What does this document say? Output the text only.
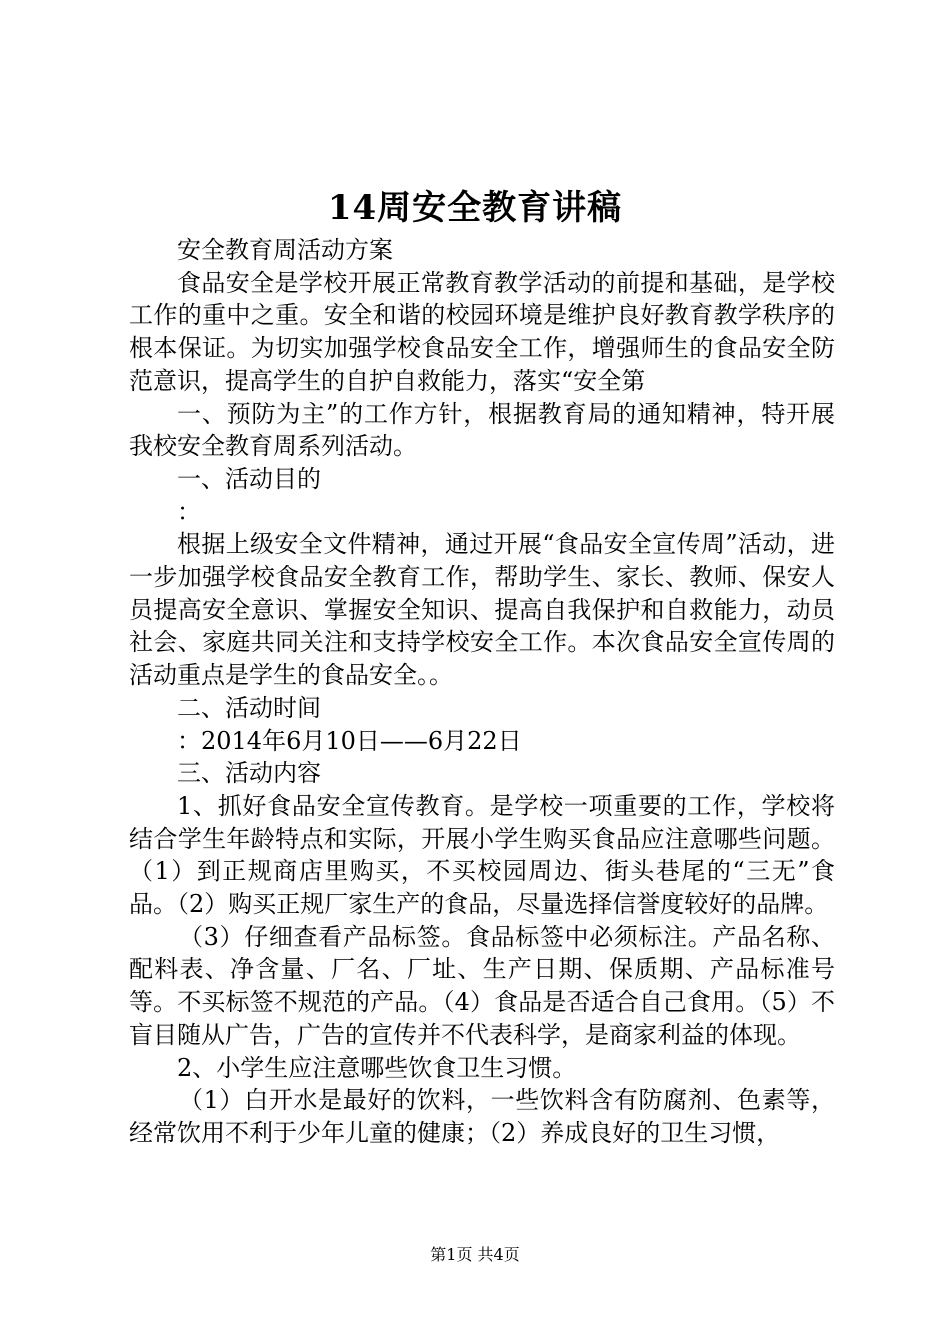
14周安全教育讲稿

安全教育周活动方案

食品安全是学校开展正常教育教学活动的前提和基础，是学校工作的重中之重。安全和谐的校园环境是维护良好教育教学秩序的根本保证。为切实加强学校食品安全工作，增强师生的食品安全防范意识，提高学生的自护自救能力，落实“安全第

一、预防为主”的工作方针，根据教育局的通知精神，特开展我校安全教育周系列活动。

一、活动目的

：

根据上级安全文件精神，通过开展“食品安全宣传周”活动，进一步加强学校食品安全教育工作，帮助学生、家长、教师、保安人员提高安全意识、掌握安全知识、提高自我保护和自救能力，动员社会、家庭共同关注和支持学校安全工作。本次食品安全宣传周的活动重点是学生的食品安全。。

二、活动时间

：2014年6月10日——6月22日

三、活动内容

1、抓好食品安全宣传教育。是学校一项重要的工作，学校将结合学生年龄特点和实际，开展小学生购买食品应注意哪些问题。（1）到正规商店里购买，不买校园周边、街头巷尾的“三无”食品。（2）购买正规厂家生产的食品，尽量选择信誉度较好的品牌。

（3）仔细查看产品标签。食品标签中必须标注。产品名称、配料表、净含量、厂名、厂址、生产日期、保质期、产品标准号等。不买标签不规范的产品。（4）食品是否适合自己食用。（5）不盲目随从广告，广告的宣传并不代表科学，是商家利益的体现。

2、小学生应注意哪些饮食卫生习惯。

（1）白开水是最好的饮料，一些饮料含有防腐剂、色素等，经常饮用不利于少年儿童的健康；（2）养成良好的卫生习惯，

第1页 共4页
